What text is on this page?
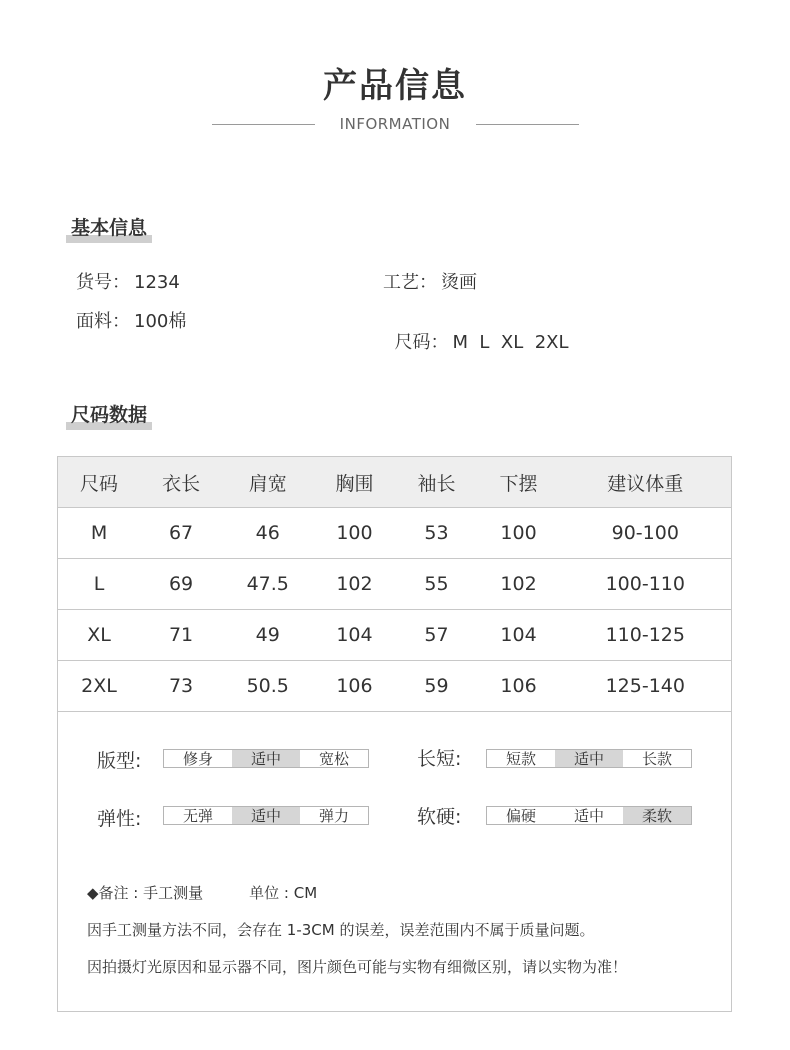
产品信息
INFORMATION
基本信息
货号： 1234	工艺： 烫画
面料： 100棉

尺码： M  L  XL  2XL

尺码数据
尺码	衣长	肩宽	胸围	袖长	下摆	建议体重
M	67	46	100	53	100	90-100
L	69	47.5	102	55	102	100-110
XL	71	49	104	57	104	110-125
2XL	73	50.5	106	59	106	125-140
版型:	修身	适中	宽松	长短:	短款	适中	长款
弹性:	无弹	适中	弹力	软硬:	偏硬	适中	柔软
◆备注 : 手工测量	单位 : CM
因手工测量方法不同，会存在 1-3CM 的误差，误差范围内不属于质量问题。
因拍摄灯光原因和显示器不同，图片颜色可能与实物有细微区别，请以实物为准！
